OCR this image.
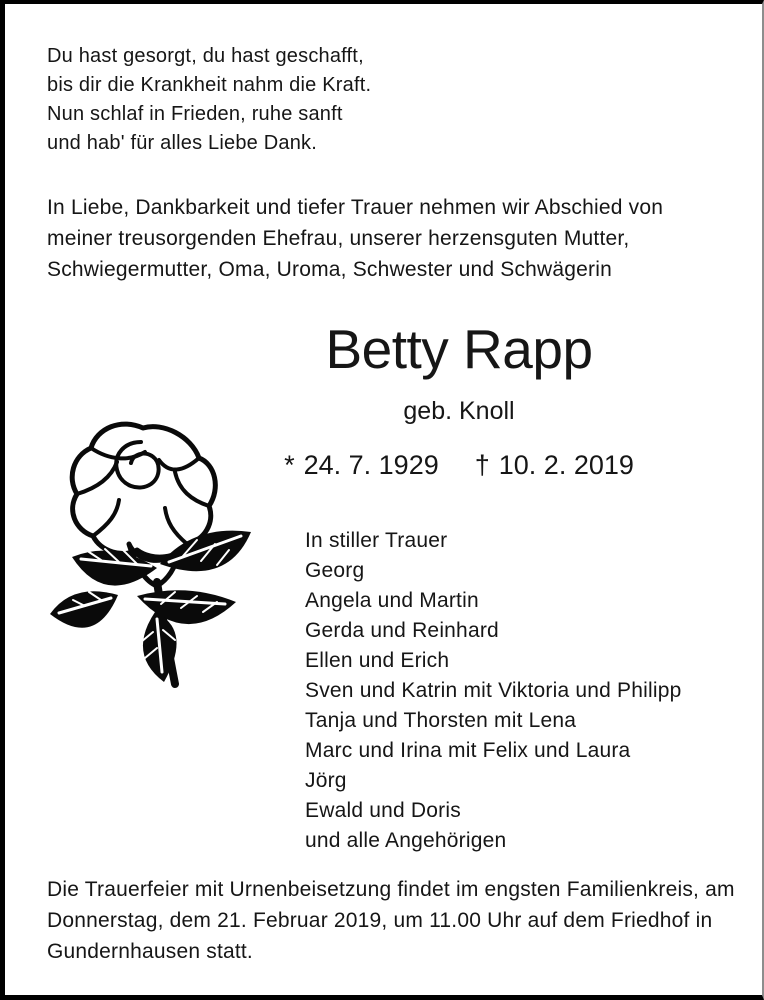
Du hast gesorgt, du hast geschafft,
bis dir die Krankheit nahm die Kraft.
Nun schlaf in Frieden, ruhe sanft
und hab' für alles Liebe Dank.
In Liebe, Dankbarkeit und tiefer Trauer nehmen wir Abschied von
meiner treusorgenden Ehefrau, unserer herzensguten Mutter,
Schwiegermutter, Oma, Uroma, Schwester und Schwägerin
Betty Rapp
geb. Knoll
* 24. 7. 1929 † 10. 2. 2019
In stiller Trauer
Georg
Angela und Martin
Gerda und Reinhard
Ellen und Erich
Sven und Katrin mit Viktoria und Philipp
Tanja und Thorsten mit Lena
Marc und Irina mit Felix und Laura
Jörg
Ewald und Doris
und alle Angehörigen
Die Trauerfeier mit Urnenbeisetzung findet im engsten Familienkreis, am
Donnerstag, dem 21. Februar 2019, um 11.00 Uhr auf dem Friedhof in
Gundernhausen statt.
